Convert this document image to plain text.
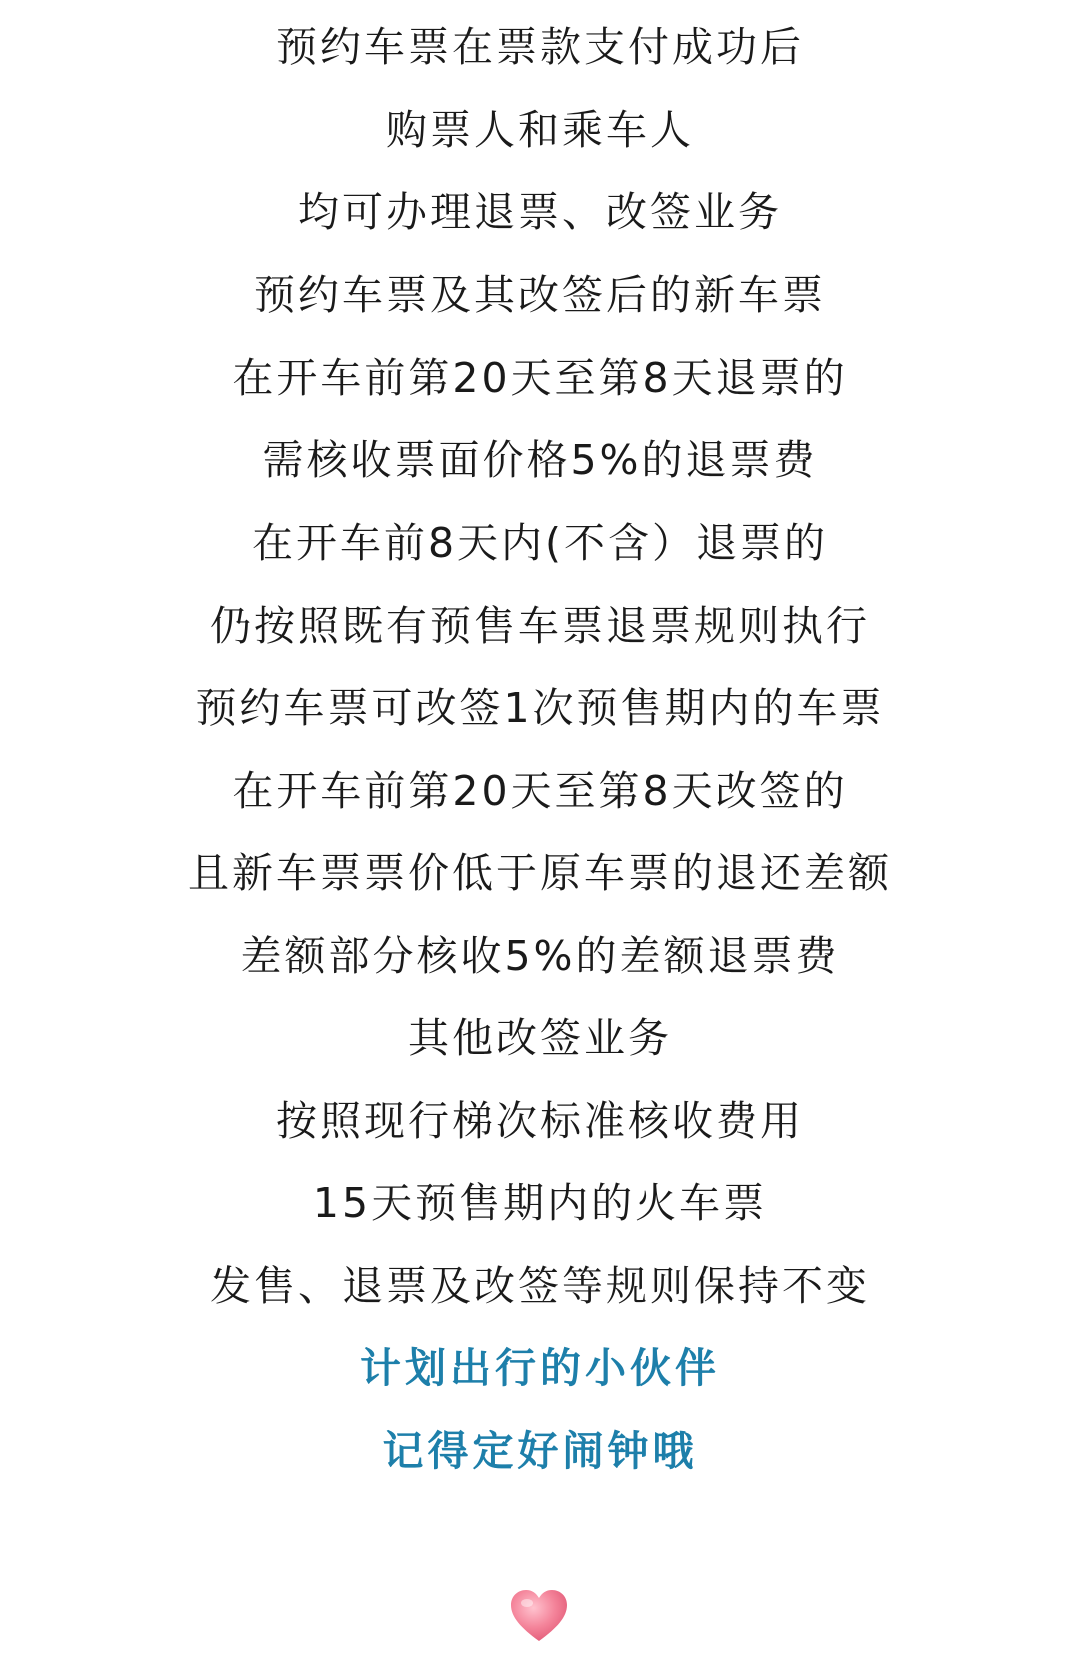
预约车票在票款支付成功后
购票人和乘车人
均可办理退票、改签业务
预约车票及其改签后的新车票
在开车前第20天至第8天退票的
需核收票面价格5%的退票费
在开车前8天内(不含）退票的
仍按照既有预售车票退票规则执行
预约车票可改签1次预售期内的车票
在开车前第20天至第8天改签的
且新车票票价低于原车票的退还差额
差额部分核收5%的差额退票费
其他改签业务
按照现行梯次标准核收费用
15天预售期内的火车票
发售、退票及改签等规则保持不变
计划出行的小伙伴
记得定好闹钟哦
